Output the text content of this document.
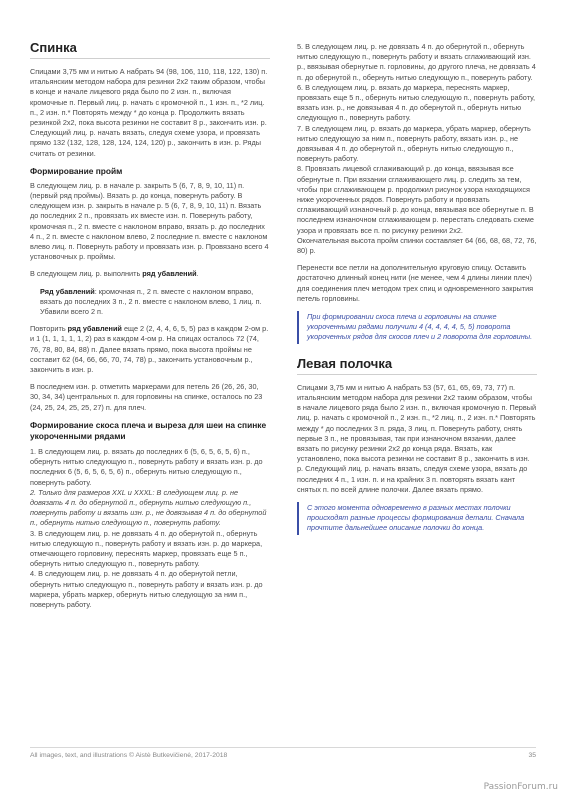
Спинка

Спицами 3,75 мм и нитью А набрать 94 (98, 106, 110, 118, 122, 130) п. итальянским методом набора для резинки 2х2 таким образом, чтобы в конце и начале лицевого ряда было по 2 изн. п., включая кромочные п. Первый лиц. р. начать с кромочной п., 1 изн. п., *2 лиц. п., 2 изн. п.* Повторять между * до конца р. Продолжить вязать резинкой 2х2, пока высота резинки не составит 8 р., закончить изн. р. Следующий лиц. р. начать вязать, следуя схеме узора, и провязать прямо 132 (132, 128, 128, 124, 124, 120) р., закончить в изн. р. Ряды считать от резинки.

Формирование пройм

В следующем лиц. р. в начале р. закрыть 5 (6, 7, 8, 9, 10, 11) п. (первый ряд проймы). Вязать р. до конца, повернуть работу. В следующем изн. р. закрыть в начале р. 5 (6, 7, 8, 9, 10, 11) п. Вязать до последних 2 п., провязать их вместе изн. п. Повернуть работу, кромочная п., 2 п. вместе с наклоном вправо, вязать р. до последних 4 п., 2 п. вместе с наклоном влево, 2 последние п. вместе с наклоном влево лиц. п. Повернуть работу и провязать изн. р. Провязано всего 4 установочных р. проймы.

В следующем лиц. р. выполнить ряд убавлений.

Ряд убавлений: кромочная п., 2 п. вместе с наклоном вправо, вязать до последних 3 п., 2 п. вместе с наклоном влево, 1 лиц. п. Убавили всего 2 п.

Повторить ряд убавлений еще 2 (2, 4, 4, 6, 5, 5) раз в каждом 2-ом р. и 1 (1, 1, 1, 1, 1, 2) раз в каждом 4-ом р. На спицах осталось 72 (74, 76, 78, 80, 84, 88) п. Далее вязать прямо, пока высота проймы не составит 62 (64, 66, 66, 70, 74, 78) р., закончить установочным р., закончить в изн. р.

В последнем изн. р. отметить маркерами для петель 26 (26, 26, 30, 30, 34, 34) центральных п. для горловины на спинке, осталось по 23 (24, 25, 24, 25, 25, 27) п. для плеч.

Формирование скоса плеча и выреза для шеи на спинке укороченными рядами

1. В следующем лиц. р. вязать до последних 6 (5, 6, 5, 6, 5, 6) п., обернуть нитью следующую п., повернуть работу и вязать изн. р. до последних 6 (5, 6, 5, 6, 5, 6) п., обернуть нитью следующую п., повернуть работу.

2. Только для размеров XXL и XXXL: В следующем лиц. р. не довязать 4 п. до обернутой п., обернуть нитью следующую п., повернуть работу и вязать изн. р., не довязывая 4 п. до обернутой п., обернуть нитью следующую п., повернуть работу.

3. В следующем лиц. р. не довязать 4 п. до обернутой п., обернуть нитью следующую п., повернуть работу и вязать изн. р. до маркера, отмечающего горловину, переснять маркер, провязать еще 5 п., обернуть нитью следующую п., повернуть работу.

4. В следующем лиц. р. не довязать 4 п. до обернутой петли, обернуть нитью следующую п., повернуть работу и вязать изн. р. до маркера, убрать маркер, обернуть нитью следующую за ним п., повернуть работу.

5. В следующем лиц. р. не довязать 4 п. до обернутой п., обернуть нитью следующую п., повернуть работу и вязать сглаживающий изн. р., ввязывая обернутые п. горловины, до другого плеча, не довязать 4 п. до обернутой п., обернуть нитью следующую п., повернуть работу.

6. В следующем лиц. р. вязать до маркера, переснять маркер, провязать еще 5 п., обернуть нитью следующую п., повернуть работу, вязать изн. р., не довязывая 4 п. до обернутой п., обернуть нитью следующую п., повернуть работу.

7. В следующем лиц. р. вязать до маркера, убрать маркер, обернуть нитью следующую за ним п., повернуть работу, вязать изн. р., не довязывая 4 п. до обернутой п., обернуть нитью следующую п., повернуть работу.

8. Провязать лицевой сглаживающий р. до конца, ввязывая все обернутые п. При вязании сглаживающего лиц. р. следить за тем, чтобы при сглаживающем р. продолжил рисунок узора находящихся ниже укороченных рядов. Повернуть работу и провязать сглаживающий изнаночный р. до конца, ввязывая все обернутые п. В последнем изнаночном сглаживающем р. перестать следовать схеме узора и провязать все п. по рисунку резинки 2х2.

Окончательная высота пройм спинки составляет 64 (66, 68, 68, 72, 76, 80) р.

Перенести все петли на дополнительную круговую спицу. Оставить достаточно длинный конец нити (не менее, чем 4 длины линии плеч) для соединения плеч методом трех спиц и одновременного закрытия петель горловины.

При формировании скоса плеча и горловины на спинке укороченными рядами получили 4 (4, 4, 4, 4, 5, 5) поворота укороченных рядов для скосов плеч и 2 поворота для горловины.

Левая полочка

Спицами 3,75 мм и нитью А набрать 53 (57, 61, 65, 69, 73, 77) п. итальянским методом набора для резинки 2х2 таким образом, чтобы в начале лицевого ряда было 2 изн. п., включая кромочную п. Первый лиц. р. начать с кромочной п., 2 изн. п., *2 лиц. п., 2 изн. п.* Повторять между * до последних 3 п. ряда, 3 лиц. п. Повернуть работу, снять первые 3 п., не провязывая, так при изнаночном вязании, далее вязать по рисунку резинки 2х2 до конца ряда. Вязать, как установлено, пока высота резинки не составит 8 р., закончить в изн. р. Следующий лиц. р. начать вязать, следуя схеме узора, вязать до последних 4 п., 1 изн. п. и на крайних 3 п. повторять вязать кант снятых п. по всей длине полочки. Далее вязать прямо.

С этого момента одновременно в разных местах полочки происходят разные процессы формирования детали. Сначала прочтите дальнейшее описание полочки до конца.

All images, text, and illustrations © Aistė Butkevičienė, 2017-2018	35
PassionForum.ru
